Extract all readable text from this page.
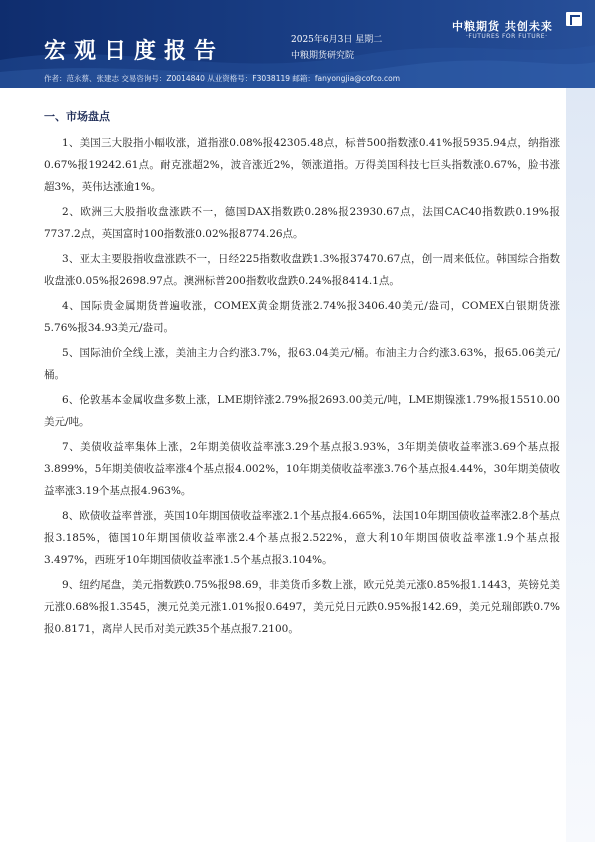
宏观日度报告	2025年6月3日 星期二
中粮期货研究院
中粮期货 共创未来
·FUTURES FOR FUTURE·
作者：范永蔡、张建志 交易咨询号：Z0014840 从业资格号：F3038119 邮箱：fanyongjia@cofco.com
一、市场盘点

1、美国三大股指小幅收涨，道指涨0.08%报42305.48点，标普500指数涨0.41%报5935.94点，纳指涨0.67%报19242.61点。耐克涨超2%，波音涨近2%，领涨道指。万得美国科技七巨头指数涨0.67%，脸书涨超3%，英伟达涨逾1%。

2、欧洲三大股指收盘涨跌不一，德国DAX指数跌0.28%报23930.67点，法国CAC40指数跌0.19%报7737.2点，英国富时100指数涨0.02%报8774.26点。

3、亚太主要股指收盘涨跌不一，日经225指数收盘跌1.3%报37470.67点，创一周来低位。韩国综合指数收盘涨0.05%报2698.97点。澳洲标普200指数收盘跌0.24%报8414.1点。

4、国际贵金属期货普遍收涨，COMEX黄金期货涨2.74%报3406.40美元/盎司，COMEX白银期货涨5.76%报34.93美元/盎司。

5、国际油价全线上涨，美油主力合约涨3.7%，报63.04美元/桶。布油主力合约涨3.63%，报65.06美元/桶。

6、伦敦基本金属收盘多数上涨，LME期锌涨2.79%报2693.00美元/吨，LME期镍涨1.79%报15510.00美元/吨。

7、美债收益率集体上涨，2年期美债收益率涨3.29个基点报3.93%，3年期美债收益率涨3.69个基点报3.899%，5年期美债收益率涨4个基点报4.002%，10年期美债收益率涨3.76个基点报4.44%，30年期美债收益率涨3.19个基点报4.963%。

8、欧债收益率普涨，英国10年期国债收益率涨2.1个基点报4.665%，法国10年期国债收益率涨2.8个基点报3.185%，德国10年期国债收益率涨2.4个基点报2.522%，意大利10年期国债收益率涨1.9个基点报3.497%，西班牙10年期国债收益率涨1.5个基点报3.104%。

9、纽约尾盘，美元指数跌0.75%报98.69，非美货币多数上涨，欧元兑美元涨0.85%报1.1443，英镑兑美元涨0.68%报1.3545，澳元兑美元涨1.01%报0.6497，美元兑日元跌0.95%报142.69，美元兑瑞郎跌0.7%报0.8171，离岸人民币对美元跌35个基点报7.2100。
